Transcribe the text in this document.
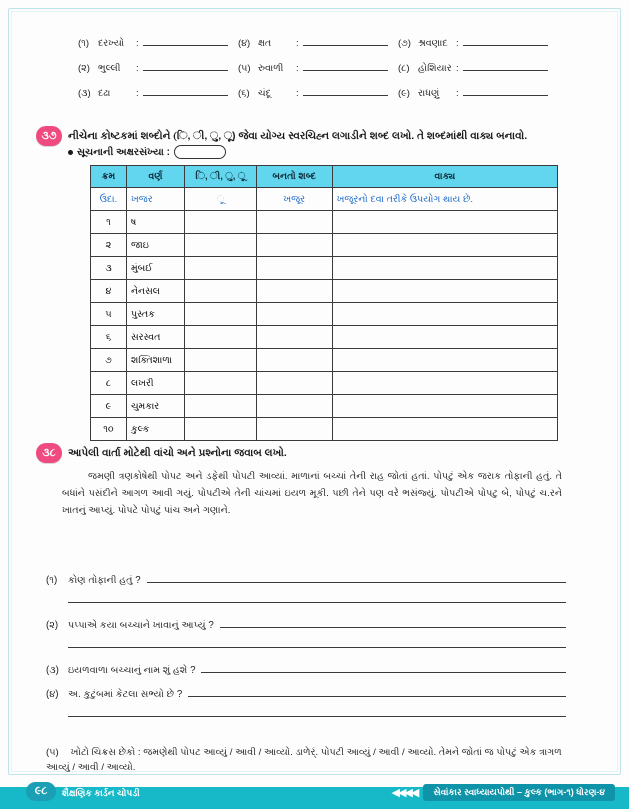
(૧) દરખ્યો	:	(૪) ક્ષત	:	(૭) શ્રવણાદ :
(૨) ભુલ્લી	:	(૫) રુવાળી	:	(૮) હોશિયાર :
(૩) દઢા	:	(૬) ચંદૂ	:	(૯) રાધણું	:
૩૭	નીચેના કોષ્ટકમાં શબ્દોને (િ, ી, ુ, ૂ) જેવા યોગ્ય સ્વરચિહ્ન લગાડીને શબ્દ લખો. તે શબ્દમાંથી વાક્ય બનાવો.
સૂચનાની અક્ષરસંખ્યા :
ક્રમ	વર્ણ	િ, ી, ુ, ૂ	બનતો શબ્દ	વાક્ય
ઉદા.	ખજર	ૂ	ખજૂર	ખજૂરનો દવા તરીકે ઉપયોગ થાય છે.
૧	ષ			
૨	જાઇ			
૩	મુંબઈ			
૪	નેનસલ			
૫	પુસ્તક			
૬	સરસ્વત			
૭	શક્તિશાળા			
૮	લખરી			
૯	ચુમકાર			
૧૦	કુલ્ક			
૩૮	આપેલી વાર્તા મોટેથી વાંચો અને પ્રશ્નોના જવાબ લખો.

જમણી ત્રણકોષેથી પોપટ અને ડફેથી પોપટી આવ્યાં. માળાનાં બચ્ચાં તેની રાહ જોતાં હતાં. પોપટું એક જરાક તોફાની હતું. તે બધાંને પસંદીને આગળ આવી ગયું. પોપટીએ તેની ચાંચમાં ઇયળ મૂકી. પછી તેને પણ વરે ભસંજ્યું. પોપટીએ પોપટુ બે, પોપટું ચ.રને ખાતનું આપ્યું. પોપટે પોપટું પાંચ અને ગણાને.

(૧)	કોણ તોફાની હતું ?
(૨)	પપ્પાએ કયા બચ્ચાને ખાવાનું આપ્યું ?
(૩) ઇયળવાળા બચ્ચાનું નામ શું હશે ?
(૪) અ. કુટુંબમાં કેટલા સભ્યો છે ?
(૫) ખોટો ચિક્રસ છેકો : જમણેથી પોપટ આવ્યું / આવી / આવ્યો. ડાળેર્ં. પોપટી આવ્યું / આવી / આવ્યો. તેમને જોતાં જ પોપટું એક ત્રાગળ આવ્યું / આવી / આવ્યો.
૯૮	શૈક્ષણિક કાર્ડન ચોપડી	◀◀◀◀	સેવાંકાર સ્વાધ્યાયપોથી – કુલ્ક (ભાગ-૧) ધોરણ-૪
